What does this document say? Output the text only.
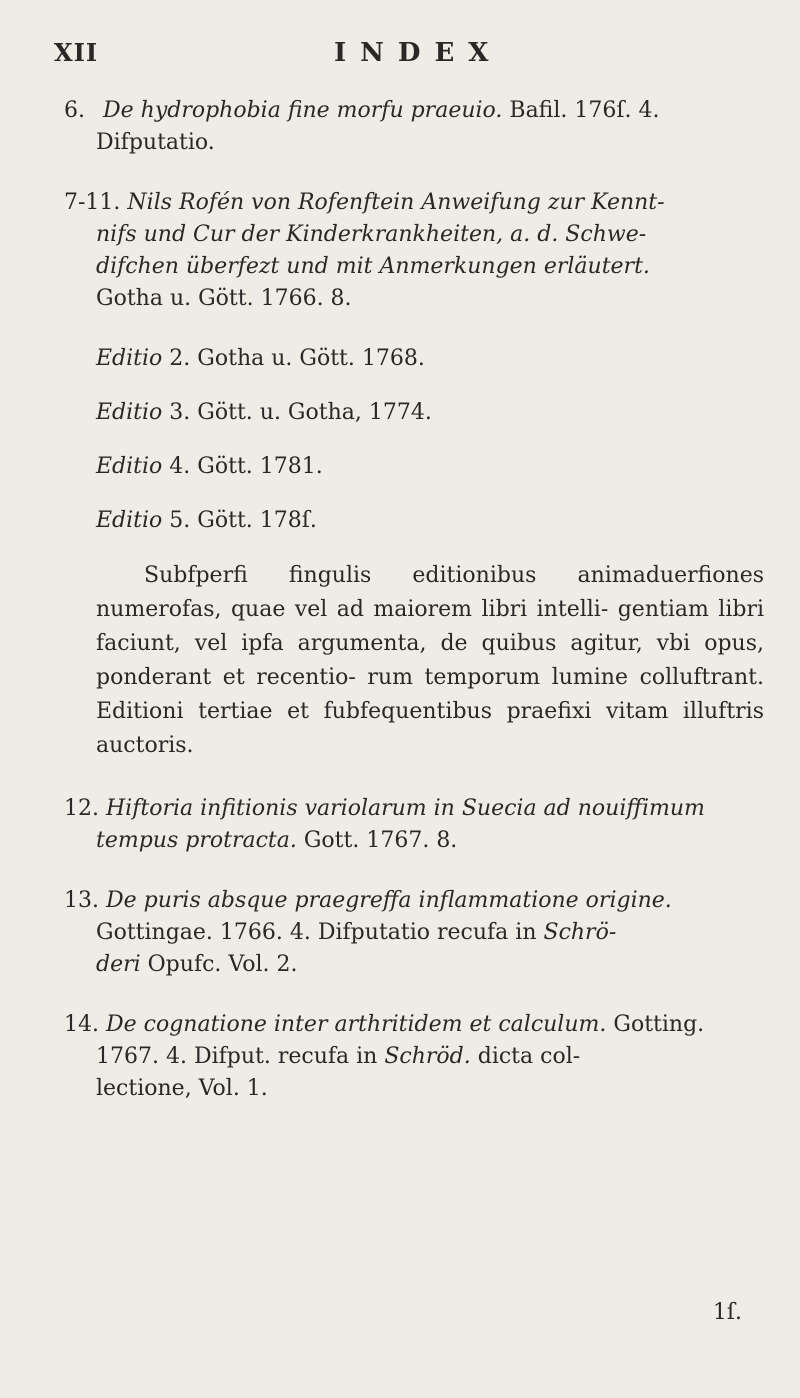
XII	INDEX
6. De hydrophobia fine morfu praeuio. Bafil. 176ſ. 4.
Difputatio.
7-11. Nils Rofén von Rofenftein Anweifung zur Kennt-
nifs und Cur der Kinderkrankheiten, a. d. Schwe-
difchen überfezt und mit Anmerkungen erläutert.
Gotha u. Gött. 1766. 8.
Editio 2. Gotha u. Gött. 1768.
Editio 3. Gött. u. Gotha, 1774.
Editio 4. Gött. 1781.
Editio 5. Gött. 178ſ.
Subfperfi fingulis editionibus animaduerfiones numerofas, quae vel ad maiorem libri intelli- gentiam libri faciunt, vel ipfa argumenta, de quibus agitur, vbi opus, ponderant et recentio- rum temporum lumine colluftrant. Editioni tertiae et fubfequentibus praefixi vitam illuftris auctoris.
12. Hiftoria infitionis variolarum in Suecia ad nouiffimum
tempus protracta. Gott. 1767. 8.
13. De puris absque praegreffa inflammatione origine.
Gottingae. 1766. 4. Difputatio recufa in Schrö-
deri Opufc. Vol. 2.
14. De cognatione inter arthritidem et calculum. Gotting.
1767. 4. Difput. recufa in Schröd. dicta col-
lectione, Vol. 1.
1ſ.
